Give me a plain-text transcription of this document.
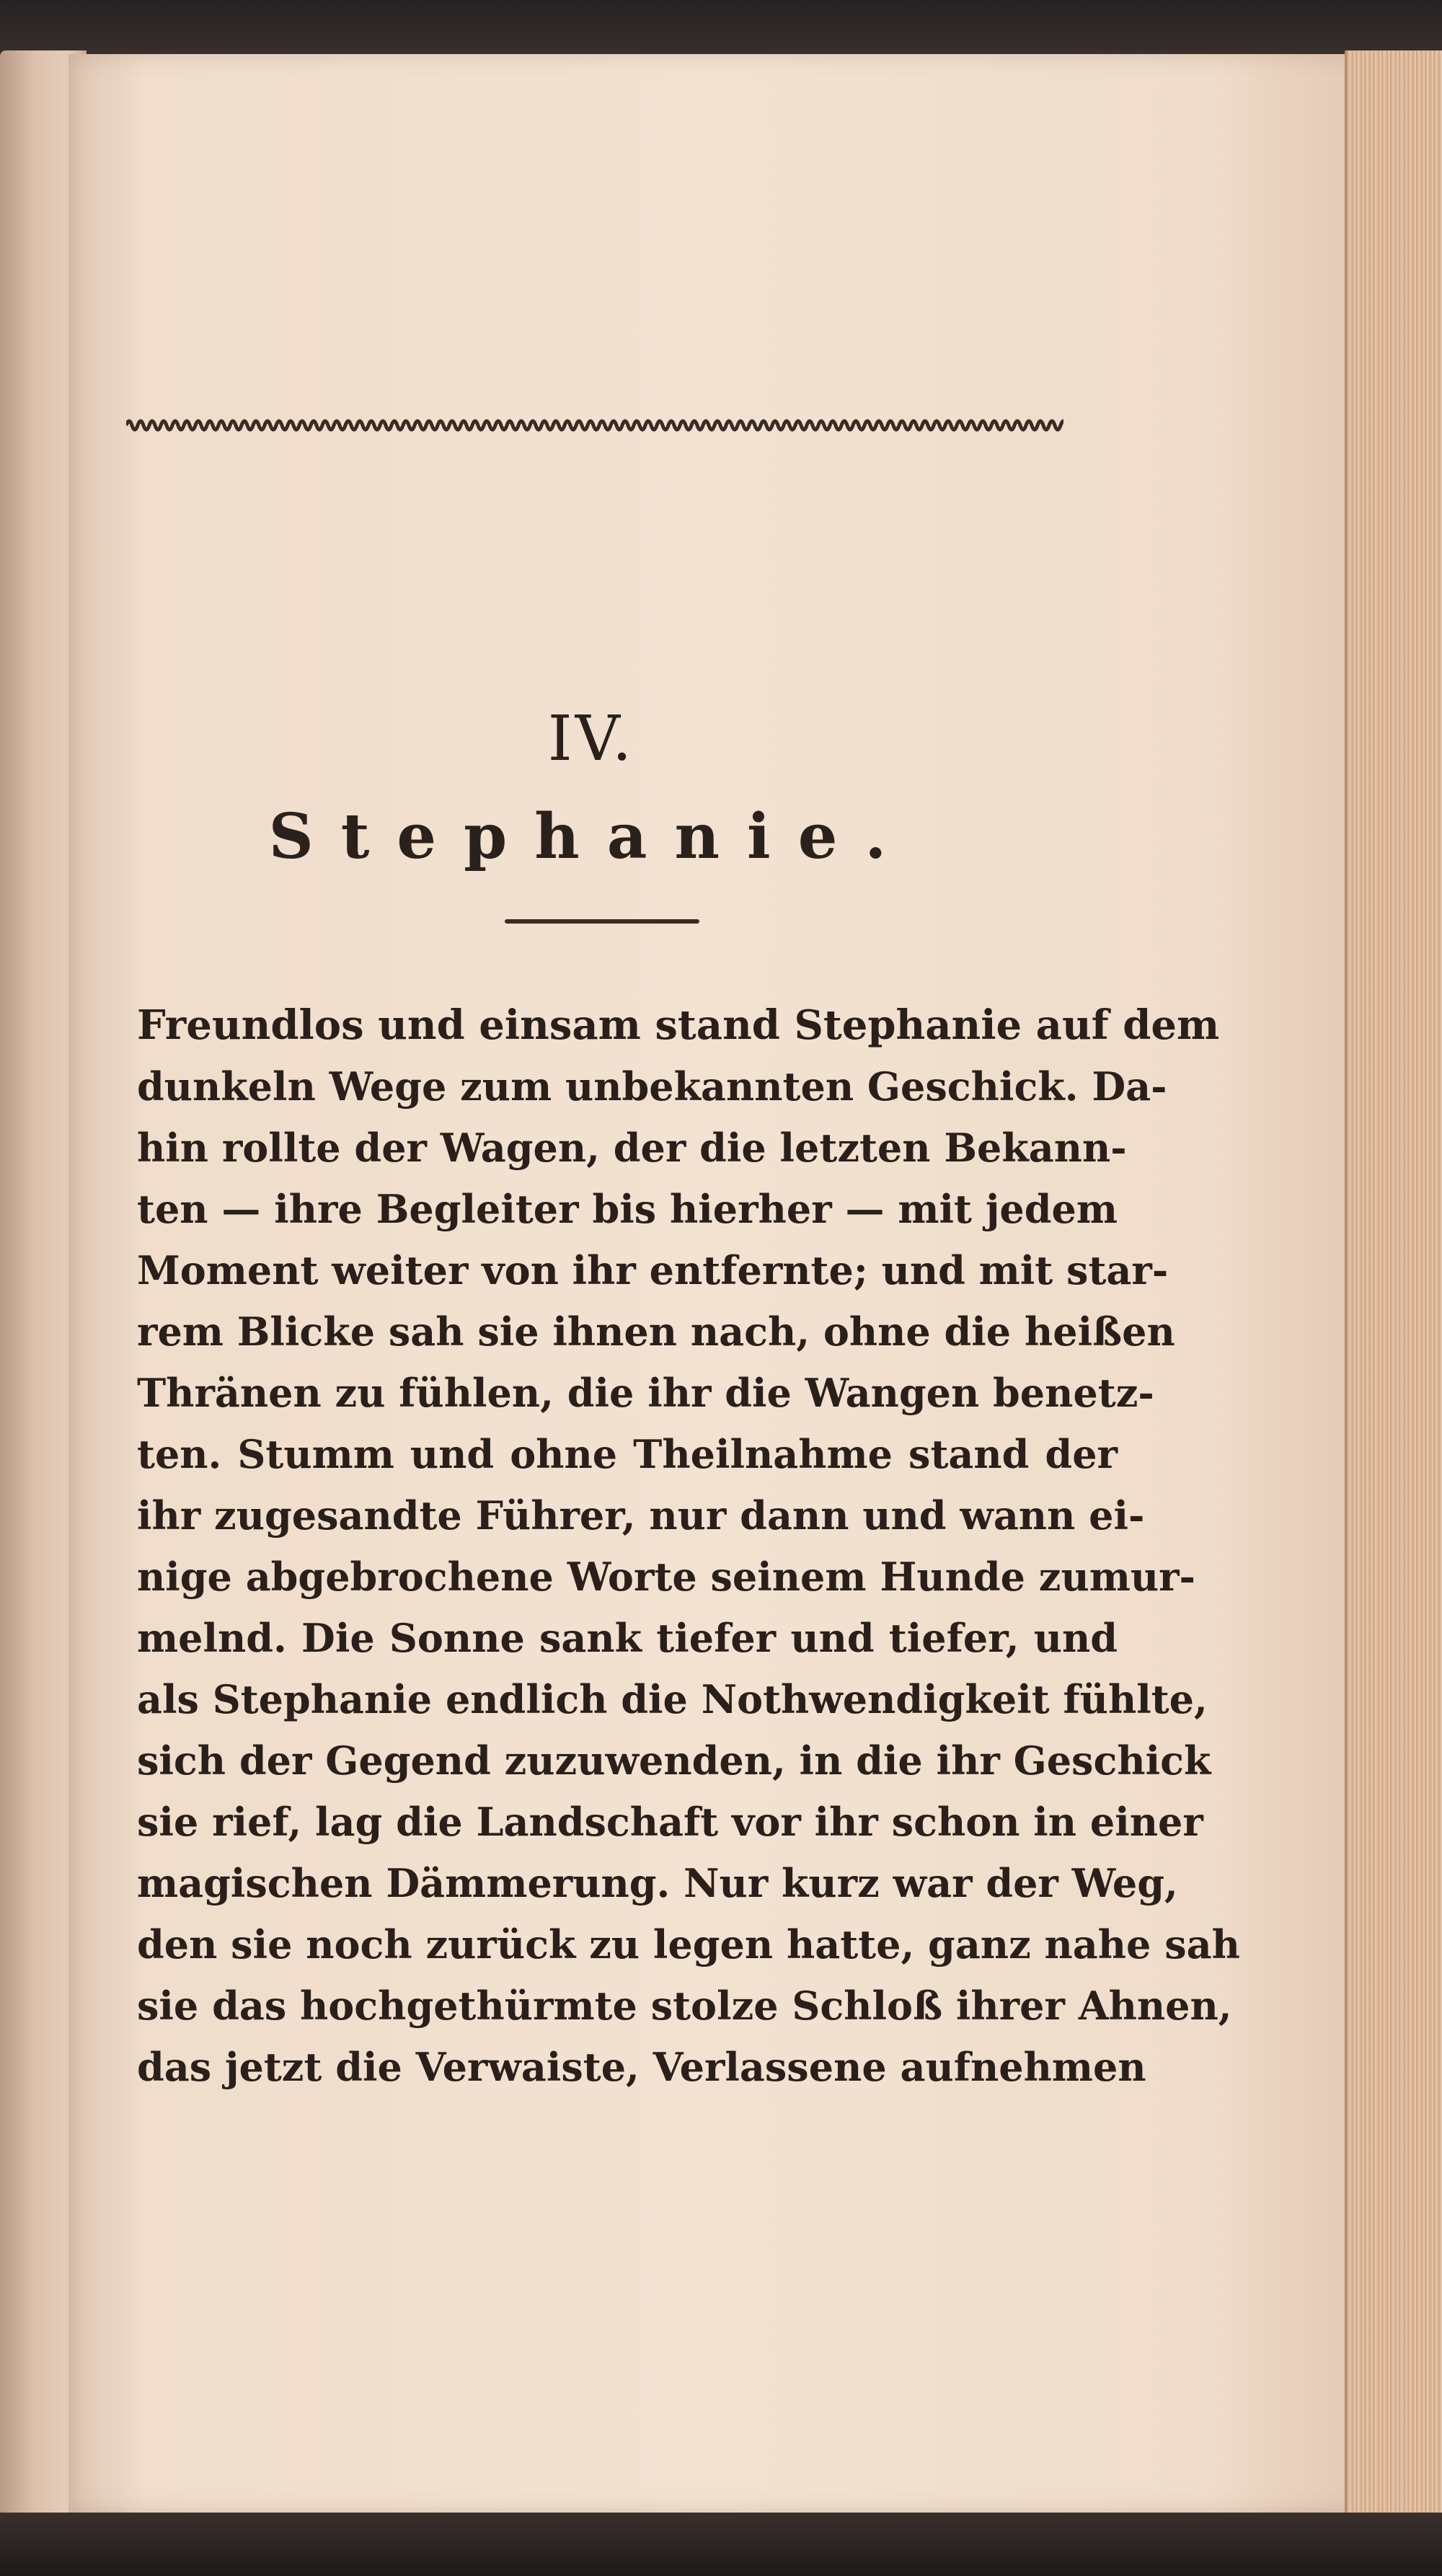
IV.
Stephanie.
Freundlos und einsam stand Stephanie auf dem
dunkeln Wege zum unbekannten Geschick. Da-
hin rollte der Wagen, der die letzten Bekann-
ten — ihre Begleiter bis hierher — mit jedem
Moment weiter von ihr entfernte; und mit star-
rem Blicke sah sie ihnen nach, ohne die heißen
Thränen zu fühlen, die ihr die Wangen benetz-
ten. Stumm und ohne Theilnahme stand der
ihr zugesandte Führer, nur dann und wann ei-
nige abgebrochene Worte seinem Hunde zumur-
melnd. Die Sonne sank tiefer und tiefer, und
als Stephanie endlich die Nothwendigkeit fühlte,
sich der Gegend zuzuwenden, in die ihr Geschick
sie rief, lag die Landschaft vor ihr schon in einer
magischen Dämmerung. Nur kurz war der Weg,
den sie noch zurück zu legen hatte, ganz nahe sah
sie das hochgethürmte stolze Schloß ihrer Ahnen,
das jetzt die Verwaiste, Verlassene aufnehmen
